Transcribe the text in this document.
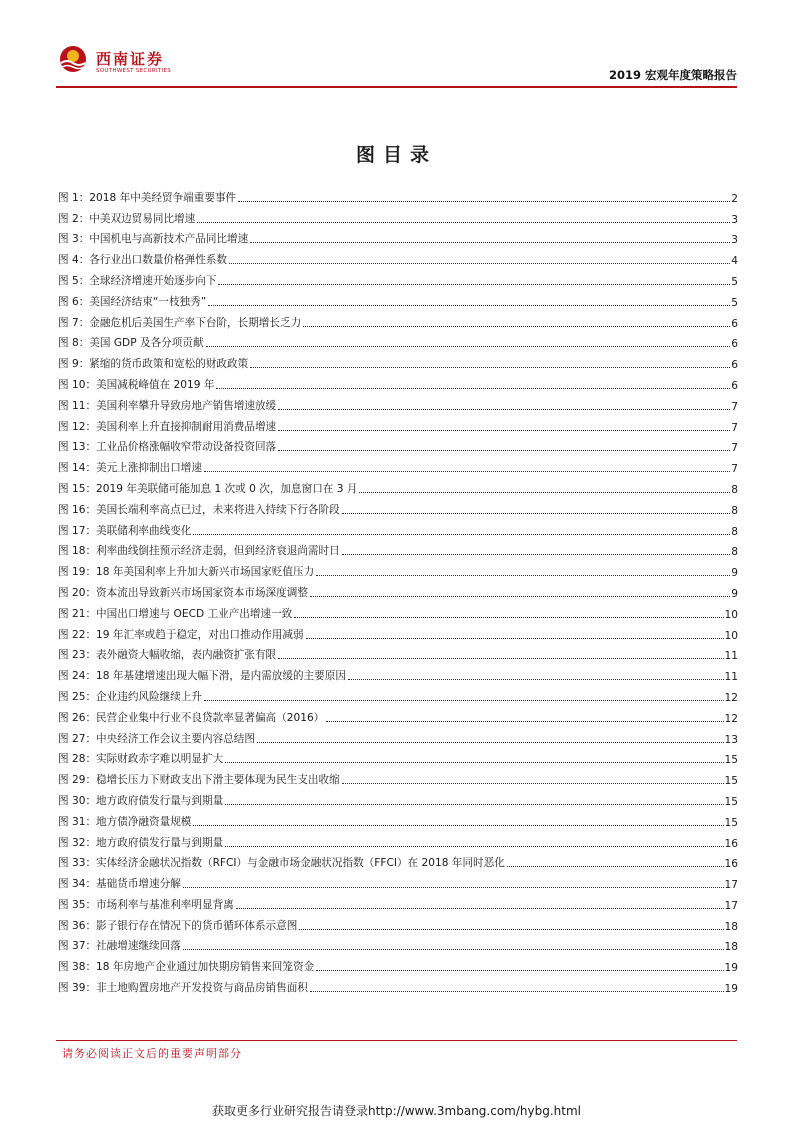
西南证券
SOUTHWEST SECURITIES	2019 宏观年度策略报告
图目录
图 1：2018 年中美经贸争端重要事件	2
图 2：中美双边贸易同比增速	3
图 3：中国机电与高新技术产品同比增速	3
图 4：各行业出口数量价格弹性系数	4
图 5：全球经济增速开始逐步向下	5
图 6：美国经济结束“一枝独秀”	5
图 7：金融危机后美国生产率下台阶，长期增长乏力	6
图 8：美国 GDP 及各分项贡献	6
图 9：紧缩的货币政策和宽松的财政政策	6
图 10：美国减税峰值在 2019 年	6
图 11：美国利率攀升导致房地产销售增速放缓	7
图 12：美国利率上升直接抑制耐用消费品增速	7
图 13：工业品价格涨幅收窄带动设备投资回落	7
图 14：美元上涨抑制出口增速	7
图 15：2019 年美联储可能加息 1 次或 0 次，加息窗口在 3 月	8
图 16：美国长端利率高点已过，未来将进入持续下行各阶段	8
图 17：美联储利率曲线变化	8
图 18：利率曲线倒挂预示经济走弱，但到经济衰退尚需时日	8
图 19：18 年美国利率上升加大新兴市场国家贬值压力	9
图 20：资本流出导致新兴市场国家资本市场深度调整	9
图 21：中国出口增速与 OECD 工业产出增速一致	10
图 22：19 年汇率或趋于稳定，对出口推动作用减弱	10
图 23：表外融资大幅收缩，表内融资扩张有限	11
图 24：18 年基建增速出现大幅下滑，是内需放缓的主要原因	11
图 25：企业违约风险继续上升	12
图 26：民营企业集中行业不良贷款率显著偏高（2016）	12
图 27：中央经济工作会议主要内容总结图	13
图 28：实际财政赤字难以明显扩大	15
图 29：稳增长压力下财政支出下滑主要体现为民生支出收缩	15
图 30：地方政府债发行量与到期量	15
图 31：地方债净融资量规模	15
图 32：地方政府债发行量与到期量	16
图 33：实体经济金融状况指数（RFCI）与金融市场金融状况指数（FFCI）在 2018 年同时恶化	16
图 34：基础货币增速分解	17
图 35：市场利率与基准利率明显背离	17
图 36：影子银行存在情况下的货币循环体系示意图	18
图 37：社融增速继续回落	18
图 38：18 年房地产企业通过加快期房销售来回笼资金	19
图 39：非土地购置房地产开发投资与商品房销售面积	19
请务必阅读正文后的重要声明部分
获取更多行业研究报告请登录http://www.3mbang.com/hybg.html
